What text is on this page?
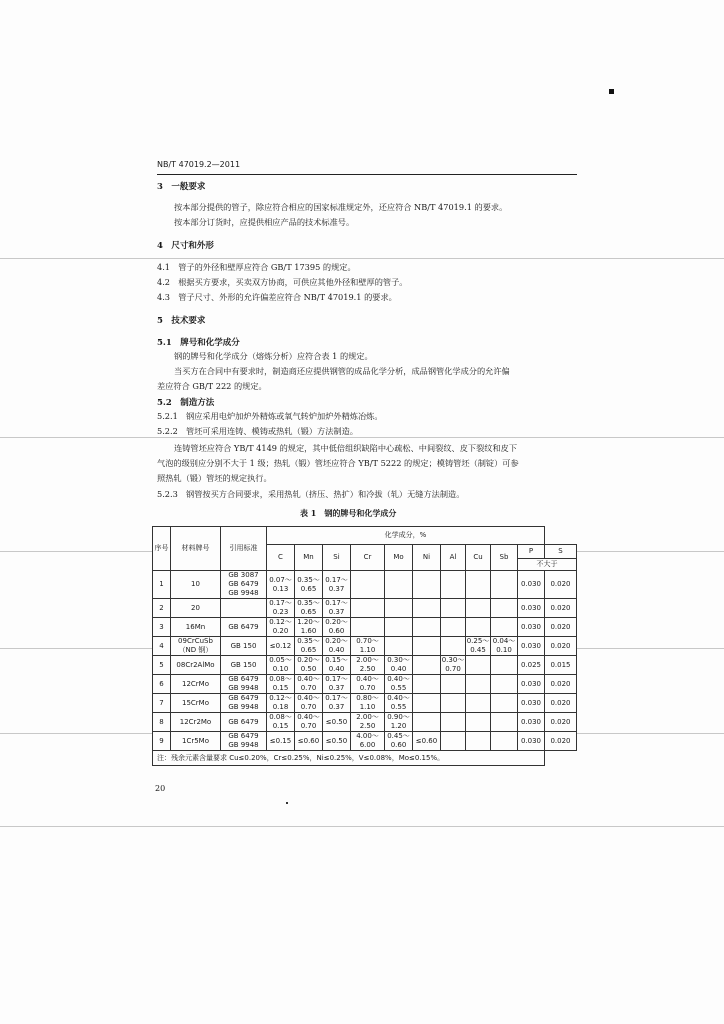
NB/T 47019.2—2011
3　一般要求
按本部分提供的管子，除应符合相应的国家标准规定外，还应符合 NB/T 47019.1 的要求。
按本部分订货时，应提供相应产品的技术标准号。
4　尺寸和外形
4.1　管子的外径和壁厚应符合 GB/T 17395 的规定。
4.2　根据买方要求，买卖双方协商，可供应其他外径和壁厚的管子。
4.3　管子尺寸、外形的允许偏差应符合 NB/T 47019.1 的要求。
5　技术要求
5.1　牌号和化学成分
钢的牌号和化学成分（熔炼分析）应符合表 1 的规定。
当买方在合同中有要求时，制造商还应提供钢管的成品化学分析，成品钢管化学成分的允许偏
差应符合 GB/T 222 的规定。
5.2　制造方法
5.2.1　钢应采用电炉加炉外精炼或氧气转炉加炉外精炼冶炼。
5.2.2　管坯可采用连铸、模铸或热轧（锻）方法制造。
连铸管坯应符合 YB/T 4149 的规定，其中低倍组织缺陷中心疏松、中间裂纹、皮下裂纹和皮下
气泡的级别应分别不大于 1 级；热轧（锻）管坯应符合 YB/T 5222 的规定；模铸管坯（制锭）可参
照热轧（锻）管坯的规定执行。
5.2.3　钢管按买方合同要求，采用热轧（挤压、热扩）和冷拔（轧）无缝方法制造。
表 1　钢的牌号和化学成分
序号	材料牌号	引用标准	化学成分，%										
			C	Mn	Si	Cr	Mo	Ni	Al	Cu	Sb	P	S
												不大于	
1	10	GB 3087
GB 6479
GB 9948	0.07～
0.13	0.35～
0.65	0.17～
0.37							0.030	0.020
2	20		0.17～
0.23	0.35～
0.65	0.17～
0.37							0.030	0.020
3	16Mn	GB 6479	0.12～
0.20	1.20～
1.60	0.20～
0.60							0.030	0.020
4	09CrCuSb
（ND 钢）	GB 150	≤0.12	0.35～
0.65	0.20～
0.40	0.70～
1.10				0.25～
0.45	0.04～
0.10	0.030	0.020
5	08Cr2AlMo	GB 150	0.05～
0.10	0.20～
0.50	0.15～
0.40	2.00～
2.50	0.30～
0.40		0.30～
0.70			0.025	0.015
6	12CrMo	GB 6479
GB 9948	0.08～
0.15	0.40～
0.70	0.17～
0.37	0.40～
0.70	0.40～
0.55					0.030	0.020
7	15CrMo	GB 6479
GB 9948	0.12～
0.18	0.40～
0.70	0.17～
0.37	0.80～
1.10	0.40～
0.55					0.030	0.020
8	12Cr2Mo	GB 6479	0.08～
0.15	0.40～
0.70	≤0.50	2.00～
2.50	0.90～
1.20					0.030	0.020
9	1Cr5Mo	GB 6479
GB 9948	≤0.15	≤0.60	≤0.50	4.00～
6.00	0.45～
0.60	≤0.60				0.030	0.020
注：残余元素含量要求 Cu≤0.20%，Cr≤0.25%，Ni≤0.25%，V≤0.08%，Mo≤0.15%。													
20
